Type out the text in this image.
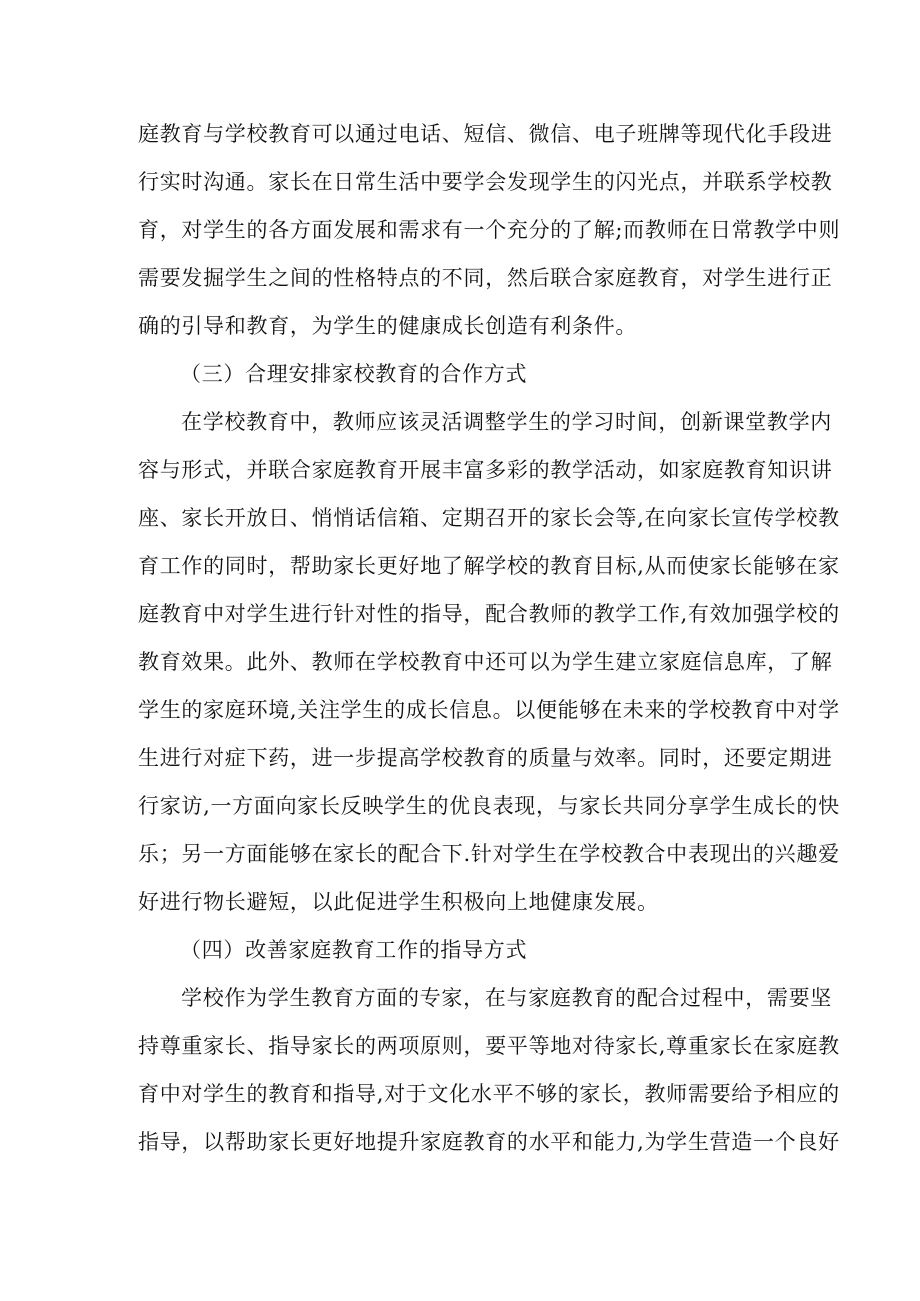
庭教育与学校教育可以通过电话、短信、微信、电子班牌等现代化手段进
行实时沟通。家长在日常生活中要学会发现学生的闪光点，并联系学校教
育，对学生的各方面发展和需求有一个充分的了解;而教师在日常教学中则
需要发掘学生之间的性格特点的不同，然后联合家庭教育，对学生进行正
确的引导和教育，为学生的健康成长创造有利条件。
（三）合理安排家校教育的合作方式
在学校教育中，教师应该灵活调整学生的学习时间，创新课堂教学内
容与形式，并联合家庭教育开展丰富多彩的教学活动，如家庭教育知识讲
座、家长开放日、悄悄话信箱、定期召开的家长会等,在向家长宣传学校教
育工作的同时，帮助家长更好地了解学校的教育目标,从而使家长能够在家
庭教育中对学生进行针对性的指导，配合教师的教学工作,有效加强学校的
教育效果。此外、教师在学校教育中还可以为学生建立家庭信息库，了解
学生的家庭环境,关注学生的成长信息。以便能够在未来的学校教育中对学
生进行对症下药，进一步提高学校教育的质量与效率。同时，还要定期进
行家访,一方面向家长反映学生的优良表现，与家长共同分享学生成长的快
乐；另一方面能够在家长的配合下.针对学生在学校教合中表现出的兴趣爱
好进行物长避短，以此促进学生积极向上地健康发展。
（四）改善家庭教育工作的指导方式
学校作为学生教育方面的专家，在与家庭教育的配合过程中，需要坚
持尊重家长、指导家长的两项原则，要平等地对待家长,尊重家长在家庭教
育中对学生的教育和指导,对于文化水平不够的家长，教师需要给予相应的
指导，以帮助家长更好地提升家庭教育的水平和能力,为学生营造一个良好
